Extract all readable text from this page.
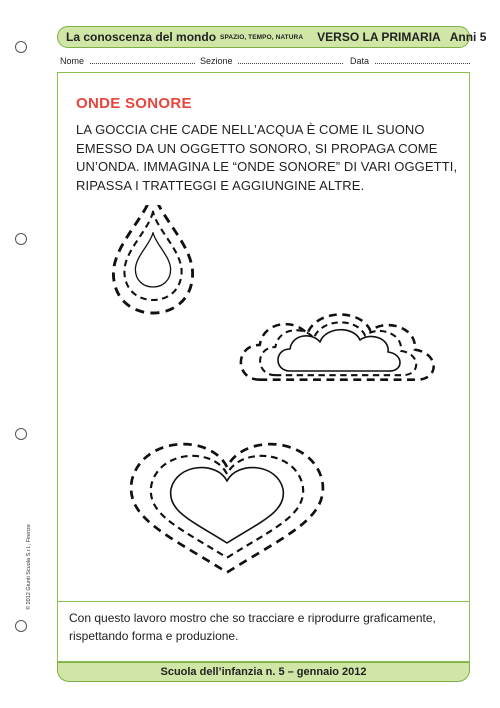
© 2012 Giunti Scuola S.r.l., Firenze
La conoscenza del mondo SPAZIO, TEMPO, NATURA VERSO LA PRIMARIA Anni 5
Nome	Sezione	Data
ONDE SONORE
LA GOCCIA CHE CADE NELL’ACQUA È COME IL SUONO EMESSO DA UN OGGETTO SONORO, SI PROPAGA COME UN’ONDA. IMMAGINA LE “ONDE SONORE” DI VARI OGGETTI, RIPASSA I TRATTEGGI E AGGIUNGINE ALTRE.
Con questo lavoro mostro che so tracciare e riprodurre graficamente, rispettando forma e produzione.
Scuola dell’infanzia n. 5 – gennaio 2012
